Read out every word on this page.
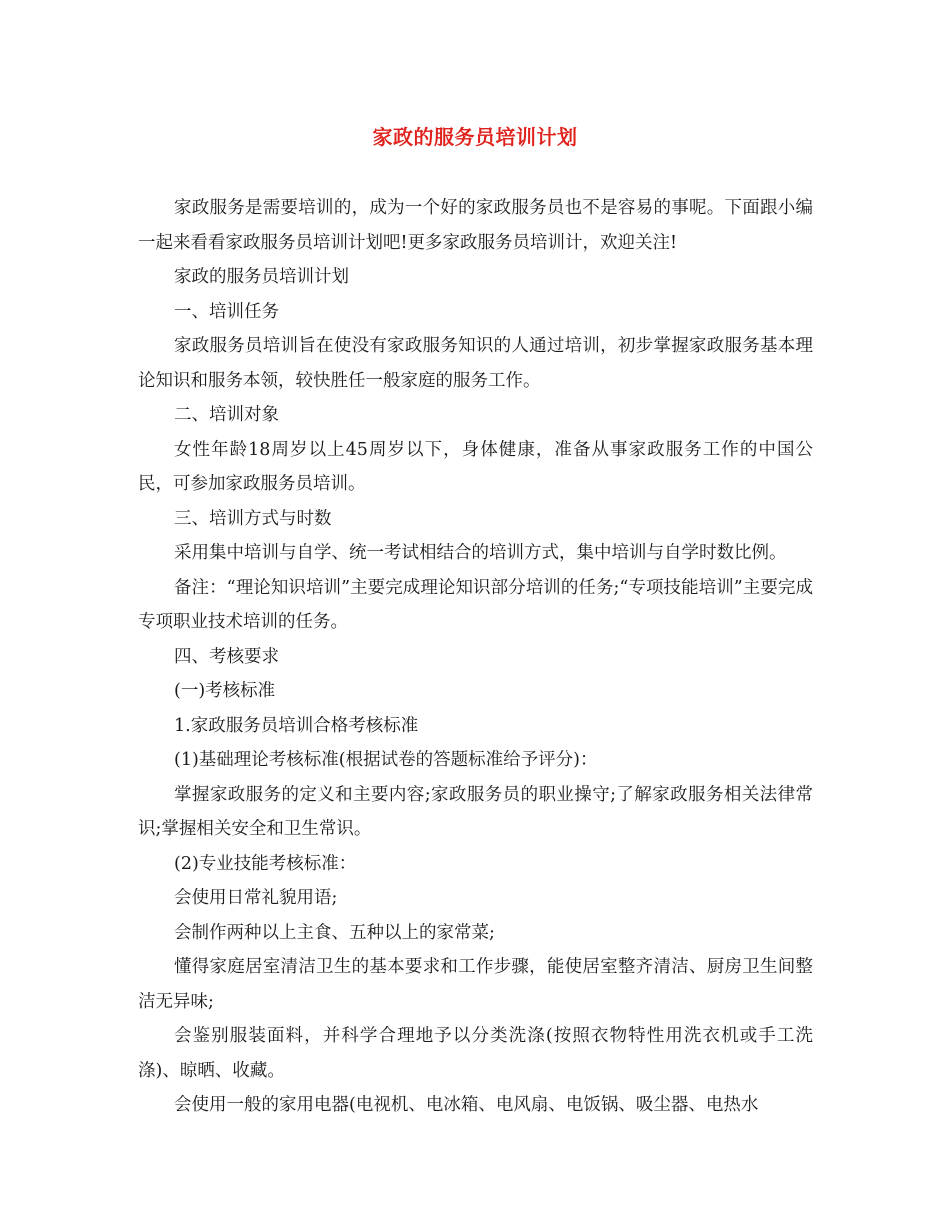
家政的服务员培训计划

家政服务是需要培训的，成为一个好的家政服务员也不是容易的事呢。下面跟小编一起来看看家政服务员培训计划吧!更多家政服务员培训计，欢迎关注!

家政的服务员培训计划

一、培训任务

家政服务员培训旨在使没有家政服务知识的人通过培训，初步掌握家政服务基本理论知识和服务本领，较快胜任一般家庭的服务工作。

二、培训对象

女性年龄18周岁以上45周岁以下，身体健康，准备从事家政服务工作的中国公民，可参加家政服务员培训。

三、培训方式与时数

采用集中培训与自学、统一考试相结合的培训方式，集中培训与自学时数比例。

备注：“理论知识培训”主要完成理论知识部分培训的任务;“专项技能培训”主要完成专项职业技术培训的任务。

四、考核要求

(一)考核标准

1.家政服务员培训合格考核标准

(1)基础理论考核标准(根据试卷的答题标准给予评分)：

掌握家政服务的定义和主要内容;家政服务员的职业操守;了解家政服务相关法律常识;掌握相关安全和卫生常识。

(2)专业技能考核标准：

会使用日常礼貌用语;

会制作两种以上主食、五种以上的家常菜;

懂得家庭居室清洁卫生的基本要求和工作步骤，能使居室整齐清洁、厨房卫生间整洁无异味;

会鉴别服装面料，并科学合理地予以分类洗涤(按照衣物特性用洗衣机或手工洗涤)、晾晒、收藏。

会使用一般的家用电器(电视机、电冰箱、电风扇、电饭锅、吸尘器、电热水
